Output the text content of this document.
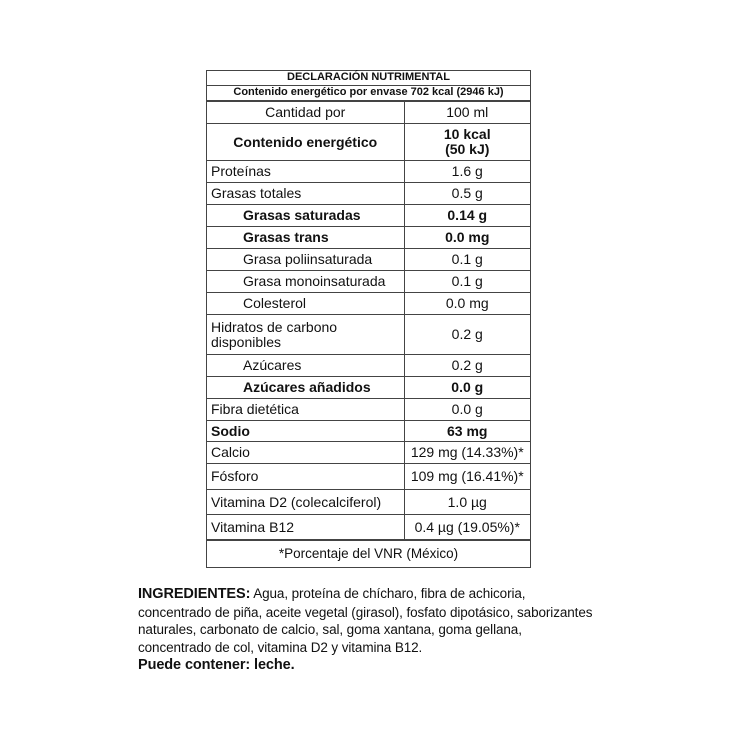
DECLARACIÓN NUTRIMENTAL
Contenido energético por envase 702 kcal (2946 kJ)
Cantidad por	100 ml
Contenido energético	10 kcal
(50 kJ)

Proteínas	1.6 g
Grasas totales	0.5 g
Grasas saturadas	0.14 g
Grasas trans	0.0 mg
Grasa poliinsaturada	0.1 g
Grasa monoinsaturada	0.1 g
Colesterol	0.0 mg

Hidratos de carbono
disponibles	0.2 g
Azúcares	0.2 g
Azúcares añadidos	0.0 g
Fibra dietética	0.0 g
Sodio	63 mg
Calcio	129 mg (14.33%)*
Fósforo	109 mg (16.41%)*
Vitamina D2 (colecalciferol)	1.0 µg
Vitamina B12	0.4 µg (19.05%)*
*Porcentaje del VNR (México)
INGREDIENTES: Agua, proteína de chícharo, fibra de achicoria, concentrado de piña, aceite vegetal (girasol), fosfato dipotásico, saborizantes naturales, carbonato de calcio, sal, goma xantana, goma gellana, concentrado de col, vitamina D2 y vitamina B12.
Puede contener: leche.
